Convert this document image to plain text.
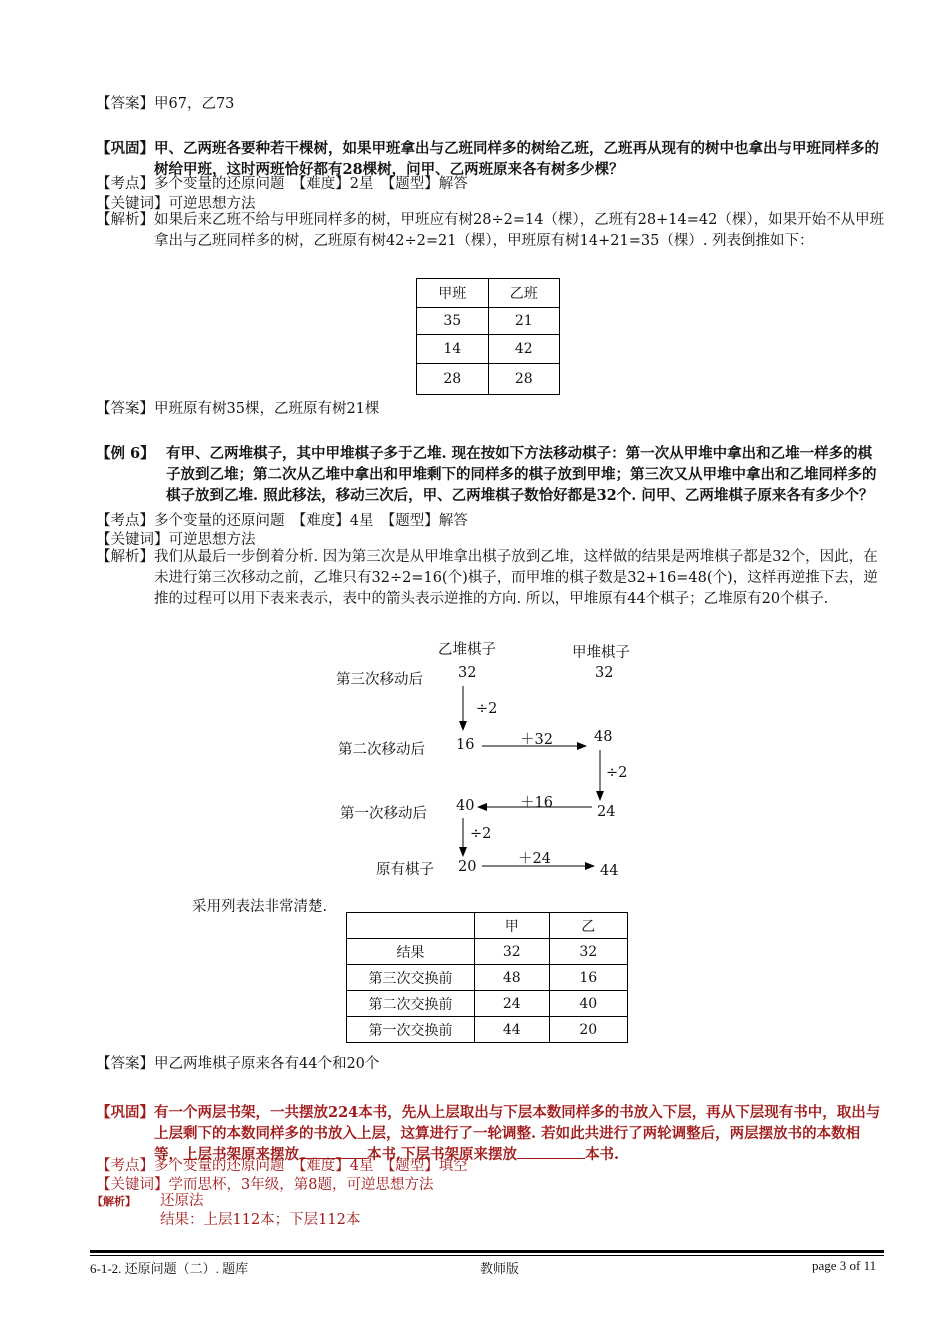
【答案】甲67，乙73
【巩固】 甲、乙两班各要种若干棵树，如果甲班拿出与乙班同样多的树给乙班，乙班再从现有的树中也拿出与甲班同样多的树给甲班，这时两班恰好都有28棵树，问甲、乙两班原来各有树多少棵？
【考点】多个变量的还原问题　【难度】2星　【题型】解答
【关键词】可逆思想方法
【解析】 如果后来乙班不给与甲班同样多的树，甲班应有树28÷2=14（棵），乙班有28+14=42（棵），如果开始不从甲班拿出与乙班同样多的树，乙班原有树42÷2=21（棵），甲班原有树14+21=35（棵）. 列表倒推如下：
甲班	乙班
35	21
14	42
28	28
【答案】甲班原有树35棵，乙班原有树21棵
【例 6】 有甲、乙两堆棋子，其中甲堆棋子多于乙堆. 现在按如下方法移动棋子：第一次从甲堆中拿出和乙堆一样多的棋子放到乙堆；第二次从乙堆中拿出和甲堆剩下的同样多的棋子放到甲堆；第三次又从甲堆中拿出和乙堆同样多的棋子放到乙堆. 照此移法，移动三次后，甲、乙两堆棋子数恰好都是32个. 问甲、乙两堆棋子原来各有多少个？
【考点】多个变量的还原问题　【难度】4星　【题型】解答
【关键词】可逆思想方法
【解析】 我们从最后一步倒着分析. 因为第三次是从甲堆拿出棋子放到乙堆，这样做的结果是两堆棋子都是32个，因此，在未进行第三次移动之前，乙堆只有32÷2=16(个)棋子，而甲堆的棋子数是32+16=48(个)，这样再逆推下去，逆推的过程可以用下表来表示，表中的箭头表示逆推的方向. 所以，甲堆原有44个棋子；乙堆原有20个棋子.
乙堆棋子	甲堆棋子
第三次移动后 32	32
÷2
第二次移动后 16	＋32	48
÷2
第一次移动后 40	＋16
24
÷2
原有棋子 20	＋24
44
采用列表法非常清楚.
	甲	乙
结果	32	32
第三次交换前	48	16
第二次交换前	24	40
第一次交换前	44	20
【答案】甲乙两堆棋子原来各有44个和20个
【巩固】 有一个两层书架，一共摆放224本书，先从上层取出与下层本数同样多的书放入下层，再从下层现有书中，取出与上层剩下的本数同样多的书放入上层，这算进行了一轮调整. 若如此共进行了两轮调整后，两层摆放书的本数相等，上层书架原来摆放	本书,下层书架原来摆放	本书.
【考点】多个变量的还原问题　【难度】4星　【题型】填空
【关键词】学而思杯，3年级，第8题，可逆思想方法
【解析】	还原法
结果：上层112本；下层112本
6-1-2. 还原问题（二）. 题库	教师版	page 3 of 11
